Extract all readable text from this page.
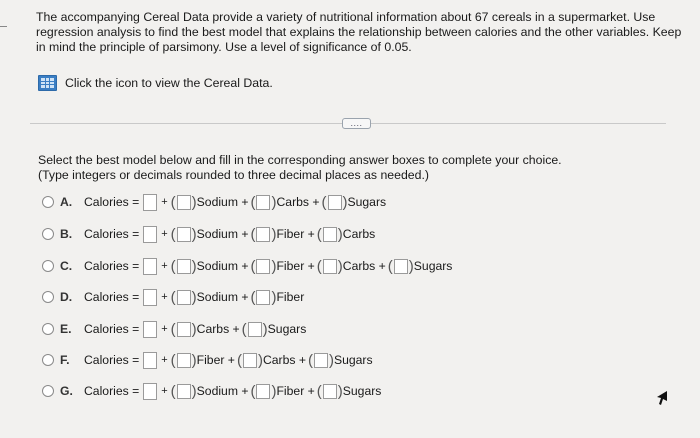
The accompanying Cereal Data provide a variety of nutritional information about 67 cereals in a supermarket. Use

regression analysis to find the best model that explains the relationship between calories and the other variables. Keep

in mind the principle of parsimony. Use a level of significance of 0.05.

Click the icon to view the Cereal Data.
....
Select the best model below and fill in the corresponding answer boxes to complete your choice.
(Type integers or decimals rounded to three decimal places as needed.)
A. Calories = + ( ) Sodium + ( ) Carbs + ( ) Sugars
B. Calories = + ( ) Sodium + ( ) Fiber + ( ) Carbs
C. Calories = + ( ) Sodium + ( ) Fiber + ( ) Carbs + ( ) Sugars
D. Calories = + ( ) Sodium + ( ) Fiber
E.	Calories = + ( ) Carbs + ( ) Sugars
F.	Calories = + ( ) Fiber + ( ) Carbs + ( ) Sugars
G. Calories = + ( ) Sodium + ( ) Fiber + ( ) Sugars
